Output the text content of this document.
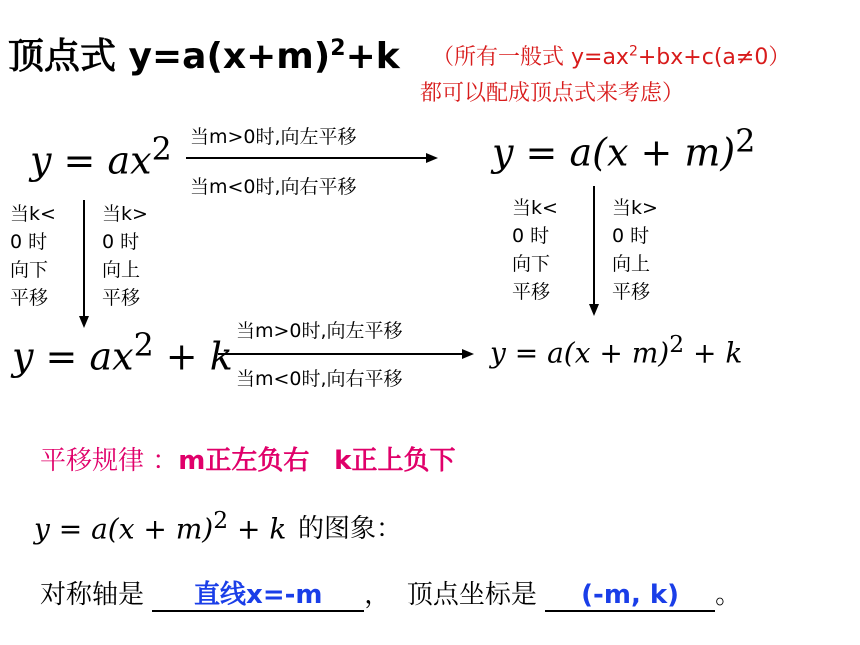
顶点式 $y=a(x+m)^2+k$ （所有一般式 $y=ax^2+bx+c(a\ne 0)$
都可以配成顶点式来考虑）
$y = ax^2$ 当m>0时,向左平移
当m<0时,向右平移
$y = a(x + m)^2$
当k<
0 时
向下
平移
当k>
0 时
向上
平移
当k<
0 时
向下
平移
当k>
0 时
向上
平移
$y = ax^2 + k$
当m>0时,向左平移
当m<0时,向右平移
$y = a(x + m)^2 + k$
平移规律 ：m正左负右 k正上负下
$y = a(x + m)^2 + k$ 的图象：
对称轴是 直线x=-m ， 顶点坐标是 (-m, k) 。
